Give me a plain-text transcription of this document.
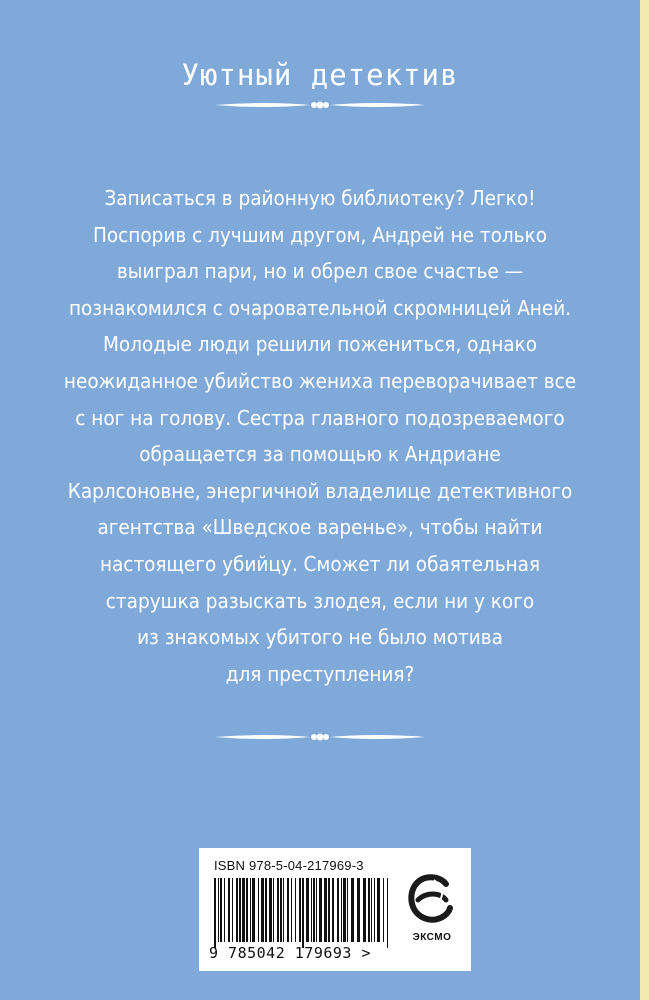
Уютный детектив
Записаться в районную библиотеку? Легко!
Поспорив с лучшим другом, Андрей не только
выиграл пари, но и обрел свое счастье —
познакомился с очаровательной скромницей Аней.
Молодые люди решили пожениться, однако
неожиданное убийство жениха переворачивает все
с ног на голову. Сестра главного подозреваемого
обращается за помощью к Андриане
Карлсоновне, энергичной владелице детективного
агентства «Шведское варенье», чтобы найти
настоящего убийцу. Сможет ли обаятельная
старушка разыскать злодея, если ни у кого
из знакомых убитого не было мотива
для преступления?
ISBN 978-5-04-217969-3
9 785042 179693 >
ЭКСМО
